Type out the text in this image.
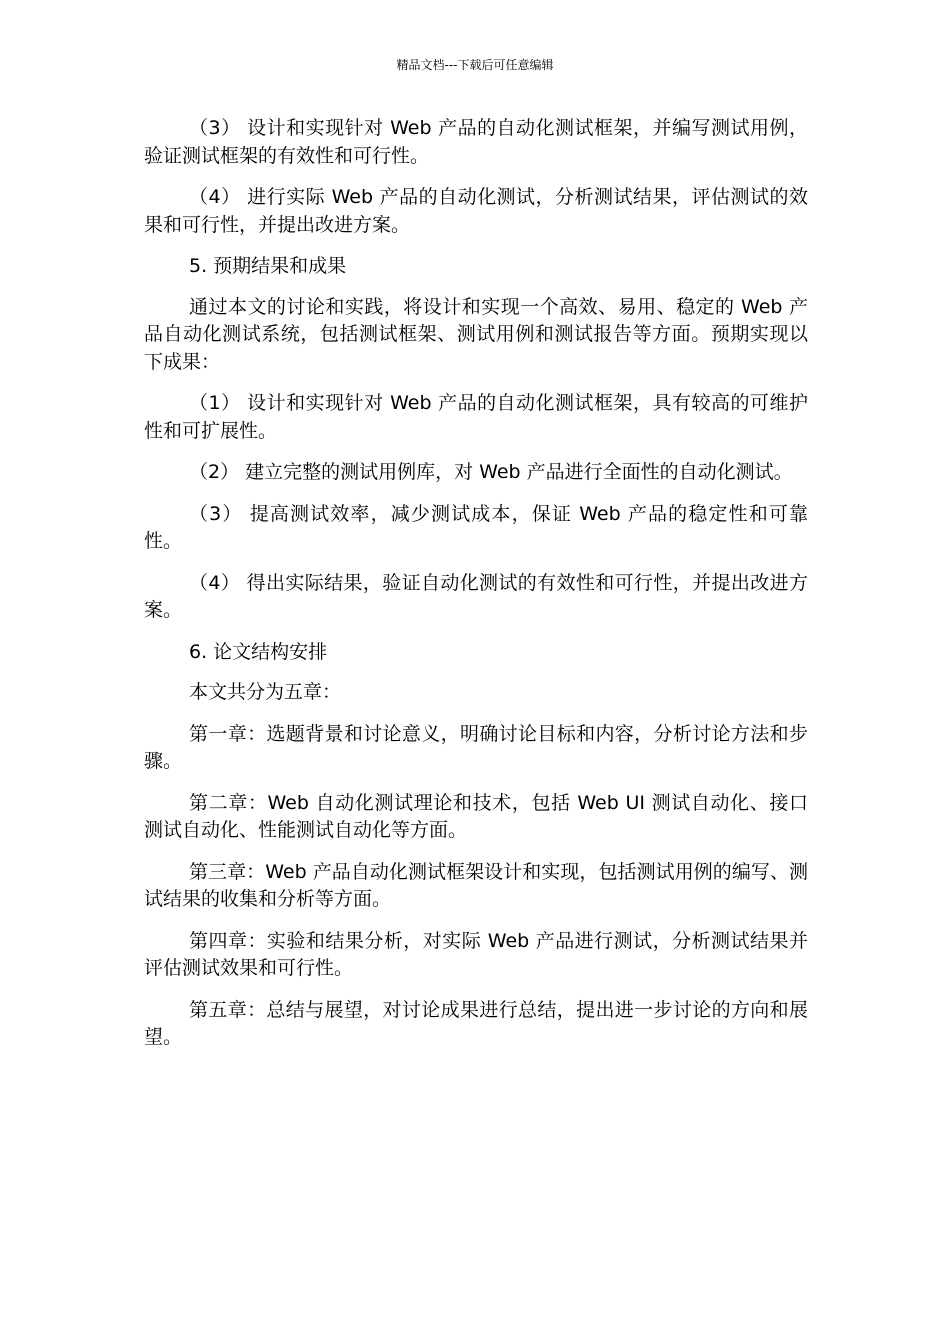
精品文档---下载后可任意编辑

（3） 设计和实现针对 Web 产品的自动化测试框架，并编写测试用例，验证测试框架的有效性和可行性。

（4） 进行实际 Web 产品的自动化测试，分析测试结果，评估测试的效果和可行性，并提出改进方案。

5. 预期结果和成果

通过本文的讨论和实践，将设计和实现一个高效、易用、稳定的 Web 产品自动化测试系统，包括测试框架、测试用例和测试报告等方面。预期实现以下成果：

（1） 设计和实现针对 Web 产品的自动化测试框架，具有较高的可维护性和可扩展性。

（2） 建立完整的测试用例库，对 Web 产品进行全面性的自动化测试。

（3） 提高测试效率，减少测试成本，保证 Web 产品的稳定性和可靠性。

（4） 得出实际结果，验证自动化测试的有效性和可行性，并提出改进方案。

6. 论文结构安排

本文共分为五章：

第一章：选题背景和讨论意义，明确讨论目标和内容，分析讨论方法和步骤。

第二章：Web 自动化测试理论和技术，包括 Web UI 测试自动化、接口测试自动化、性能测试自动化等方面。

第三章：Web 产品自动化测试框架设计和实现，包括测试用例的编写、测试结果的收集和分析等方面。

第四章：实验和结果分析，对实际 Web 产品进行测试，分析测试结果并评估测试效果和可行性。

第五章：总结与展望，对讨论成果进行总结，提出进一步讨论的方向和展望。
